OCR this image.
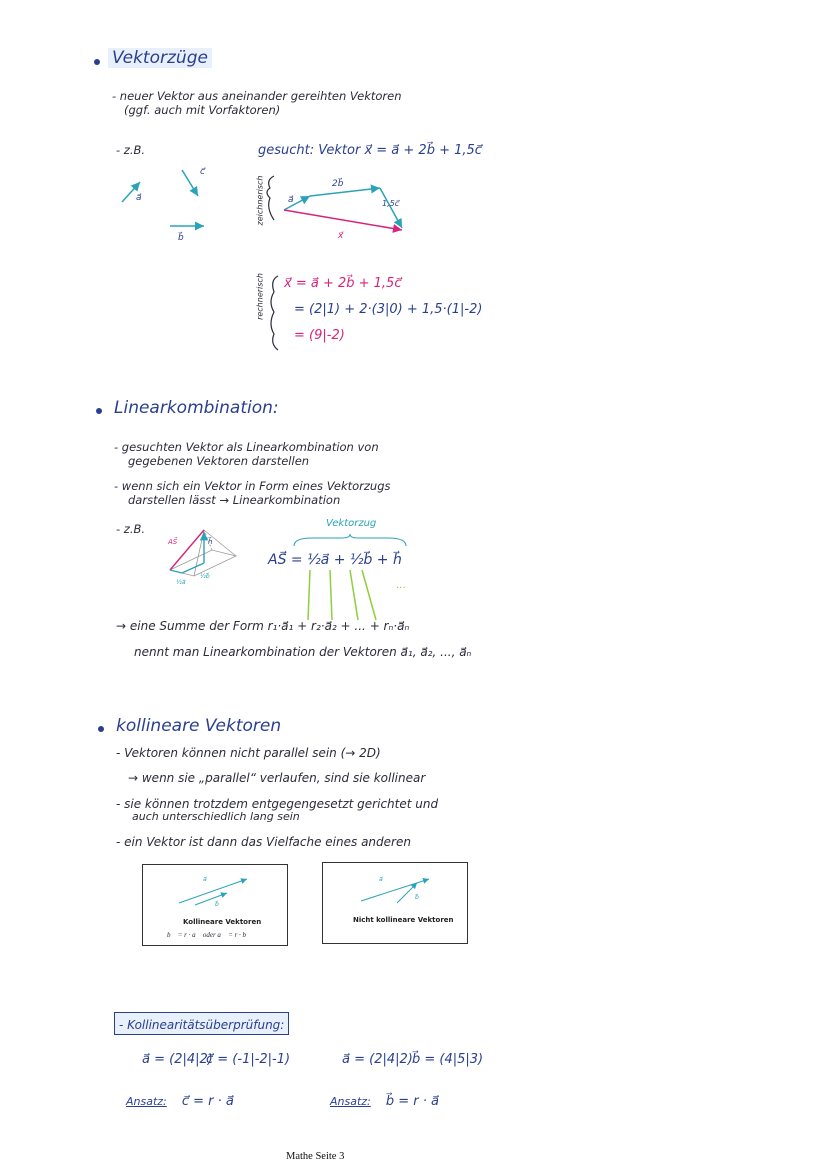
Vektorzüge
- neuer Vektor aus aneinander gereihten Vektoren
(ggf. auch mit Vorfaktoren)
- z.B.	gesucht: Vektor x⃗ = a⃗ + 2b⃗ + 1,5c⃗
a⃗
c⃗
b⃗
zeichnerisch	a⃗
2b⃗
1,5c⃗
x⃗
rechnerisch x⃗ = a⃗ + 2b⃗ + 1,5c⃗
= (2|1) + 2·(3|0) + 1,5·(1|-2)
= (9|-2)
Linearkombination:
- gesuchten Vektor als Linearkombination von
gegebenen Vektoren darstellen
- wenn sich ein Vektor in Form eines Vektorzugs
darstellen lässt → Linearkombination
- z.B.
AS⃗	h⃗
½b⃗
½a⃗
Vektorzug
AS⃗ = ½a⃗ + ½b⃗ + h⃗
...
→ eine Summe der Form r₁·a⃗₁ + r₂·a⃗₂ + ... + rₙ·a⃗ₙ
nennt man Linearkombination der Vektoren a⃗₁, a⃗₂, ..., a⃗ₙ
kollineare Vektoren
- Vektoren können nicht parallel sein (→ 2D)
→ wenn sie „parallel“ verlaufen, sind sie kollinear
- sie können trotzdem entgegengesetzt gerichtet und
auch unterschiedlich lang sein
- ein Vektor ist dann das Vielfache eines anderen
a⃗
b⃗
Kollineare Vektoren
b⃗ = r · a⃗ oder a⃗ = r · b⃗
a⃗
b⃗
Nicht kollineare Vektoren
- Kollinearitätsüberprüfung:
a⃗ = (2|4|2)
c⃗ = (-1|-2|-1)	a⃗ = (2|4|2) b⃗ = (4|5|3)
Ansatz: c⃗ = r · a⃗	Ansatz: b⃗ = r · a⃗
Mathe Seite 3
